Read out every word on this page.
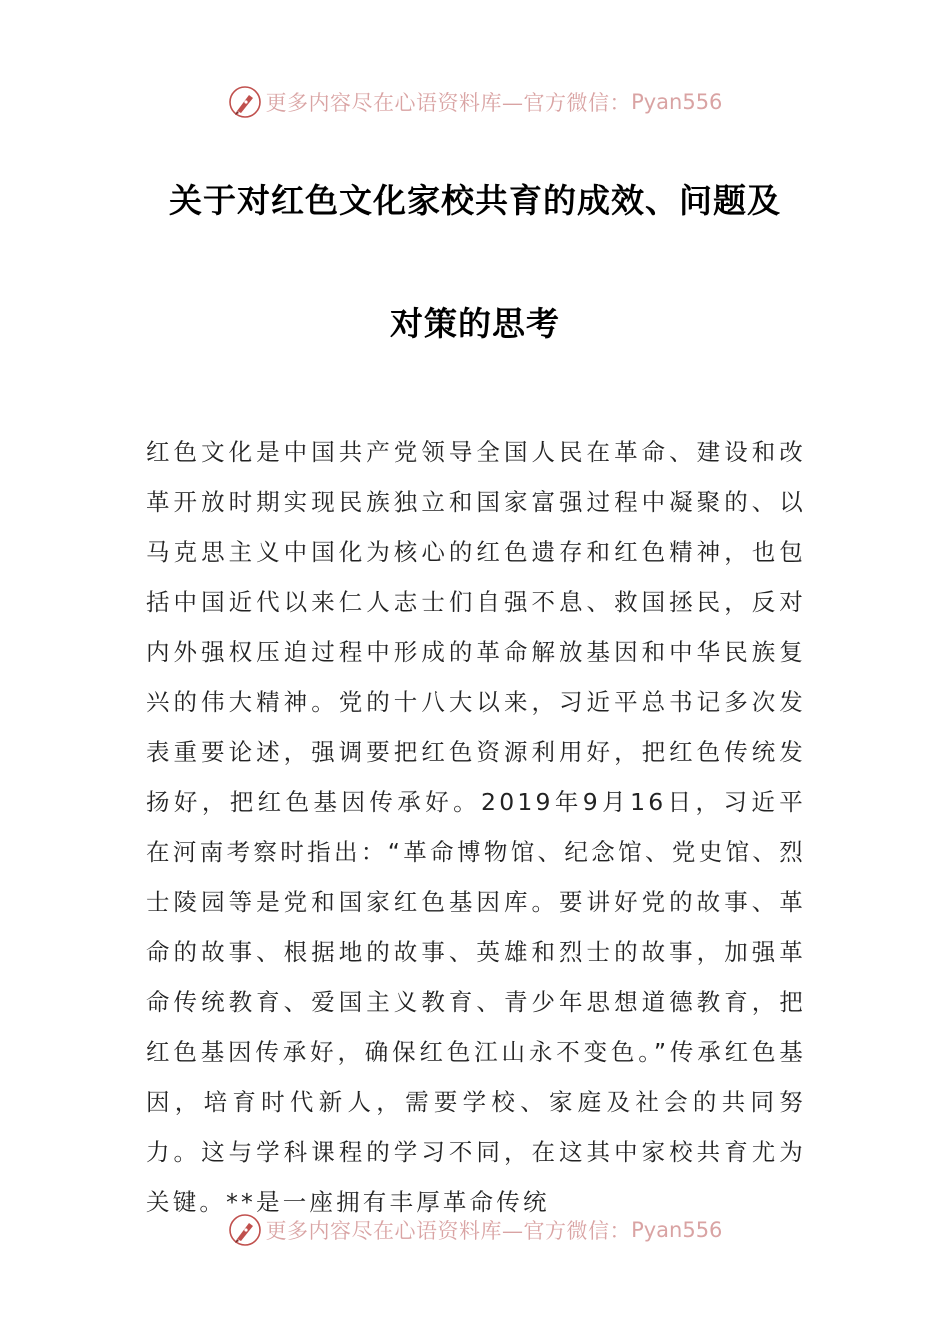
更多内容尽在心语资料库—官方微信： Pyan556
关于对红色文化家校共育的成效、问题及
对策的思考

红色文化是中国共产党领导全国人民在革命、建设和改革开放时期实现民族独立和国家富强过程中凝聚的、以马克思主义中国化为核心的红色遗存和红色精神，也包括中国近代以来仁人志士们自强不息、救国拯民，反对内外强权压迫过程中形成的革命解放基因和中华民族复兴的伟大精神。党的十八大以来，习近平总书记多次发表重要论述，强调要把红色资源利用好，把红色传统发扬好，把红色基因传承好。2019年9月16日，习近平在河南考察时指出：“革命博物馆、纪念馆、党史馆、烈士陵园等是党和国家红色基因库。要讲好党的故事、革命的故事、根据地的故事、英雄和烈士的故事，加强革命传统教育、爱国主义教育、青少年思想道德教育，把红色基因传承好，确保红色江山永不变色。”传承红色基因，培育时代新人，需要学校、家庭及社会的共同努力。这与学科课程的学习不同，在这其中家校共育尤为关键。**是一座拥有丰厚革命传统

更多内容尽在心语资料库—官方微信： Pyan556
